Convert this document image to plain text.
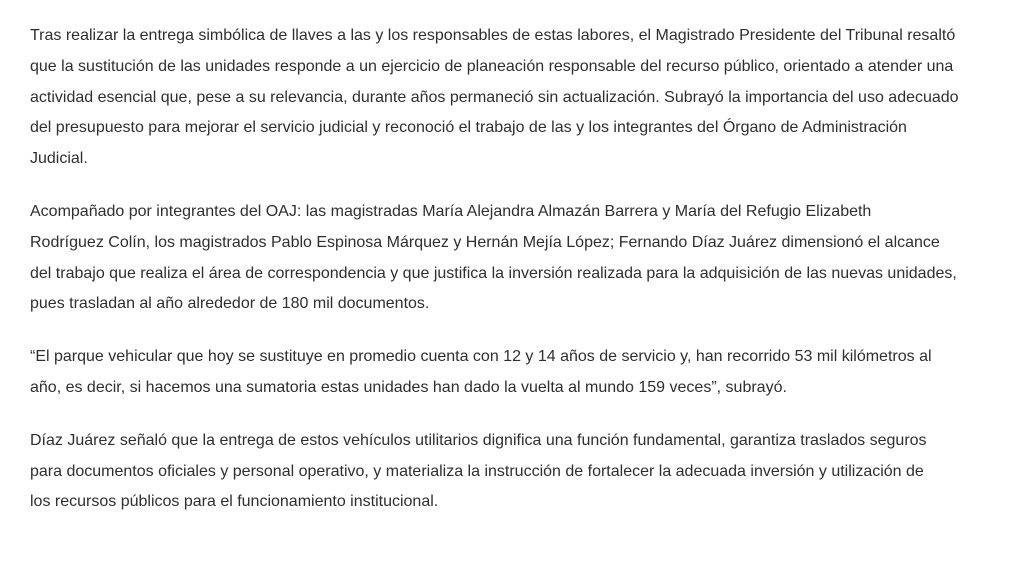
Tras realizar la entrega simbólica de llaves a las y los responsables de estas labores, el Magistrado Presidente del Tribunal resaltó
que la sustitución de las unidades responde a un ejercicio de planeación responsable del recurso público, orientado a atender una
actividad esencial que, pese a su relevancia, durante años permaneció sin actualización. Subrayó la importancia del uso adecuado
del presupuesto para mejorar el servicio judicial y reconoció el trabajo de las y los integrantes del Órgano de Administración
Judicial.

Acompañado por integrantes del OAJ: las magistradas María Alejandra Almazán Barrera y María del Refugio Elizabeth
Rodríguez Colín, los magistrados Pablo Espinosa Márquez y Hernán Mejía López; Fernando Díaz Juárez dimensionó el alcance
del trabajo que realiza el área de correspondencia y que justifica la inversión realizada para la adquisición de las nuevas unidades,
pues trasladan al año alrededor de 180 mil documentos.

“El parque vehicular que hoy se sustituye en promedio cuenta con 12 y 14 años de servicio y, han recorrido 53 mil kilómetros al
año, es decir, si hacemos una sumatoria estas unidades han dado la vuelta al mundo 159 veces”, subrayó.

Díaz Juárez señaló que la entrega de estos vehículos utilitarios dignifica una función fundamental, garantiza traslados seguros
para documentos oficiales y personal operativo, y materializa la instrucción de fortalecer la adecuada inversión y utilización de
los recursos públicos para el funcionamiento institucional.
